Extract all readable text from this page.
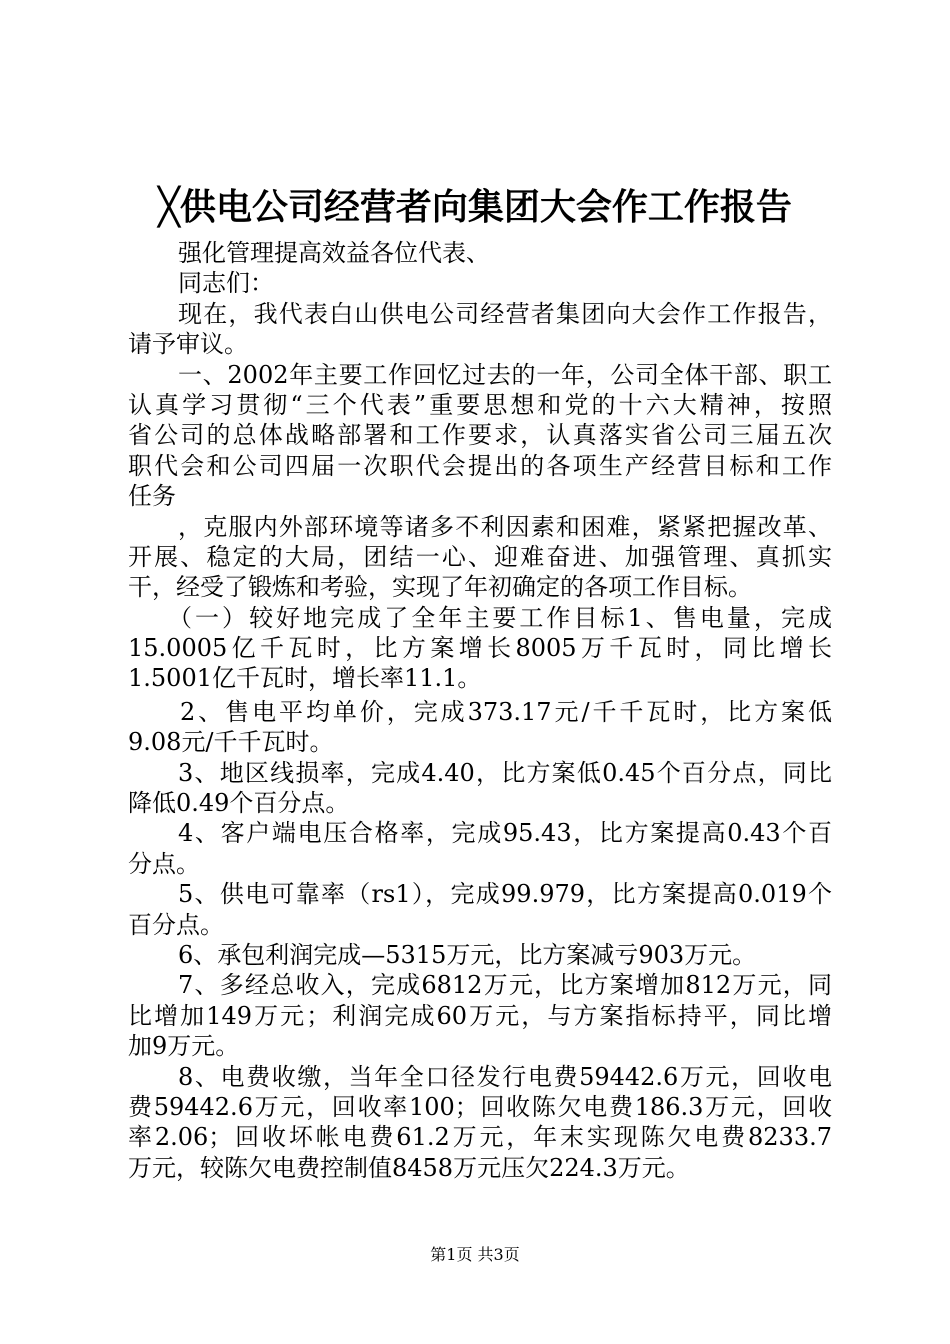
╳供电公司经营者向集团大会作工作报告
强化管理提高效益各位代表、
同志们：
现在，我代表白山供电公司经营者集团向大会作工作报告，
请予审议。
一、2002年主要工作回忆过去的一年，公司全体干部、职工
认真学习贯彻“三个代表”重要思想和党的十六大精神，按照
省公司的总体战略部署和工作要求，认真落实省公司三届五次
职代会和公司四届一次职代会提出的各项生产经营目标和工作
任务
，克服内外部环境等诸多不利因素和困难，紧紧把握改革、
开展、稳定的大局，团结一心、迎难奋进、加强管理、真抓实
干，经受了锻炼和考验，实现了年初确定的各项工作目标。
（一）较好地完成了全年主要工作目标1、售电量，完成
15.0005亿千瓦时，比方案增长8005万千瓦时，同比增长
1.5001亿千瓦时，增长率11.1。
2、售电平均单价，完成373.17元/千千瓦时，比方案低
9.08元/千千瓦时。
3、地区线损率，完成4.40，比方案低0.45个百分点，同比
降低0.49个百分点。
4、客户端电压合格率，完成95.43，比方案提高0.43个百
分点。
5、供电可靠率（rs1），完成99.979，比方案提高0.019个
百分点。
6、承包利润完成—5315万元，比方案减亏903万元。
7、多经总收入，完成6812万元，比方案增加812万元，同
比增加149万元；利润完成60万元，与方案指标持平，同比增
加9万元。
8、电费收缴，当年全口径发行电费59442.6万元，回收电
费59442.6万元，回收率100；回收陈欠电费186.3万元，回收
率2.06；回收坏帐电费61.2万元，年末实现陈欠电费8233.7
万元，较陈欠电费控制值8458万元压欠224.3万元。
第1页 共3页
